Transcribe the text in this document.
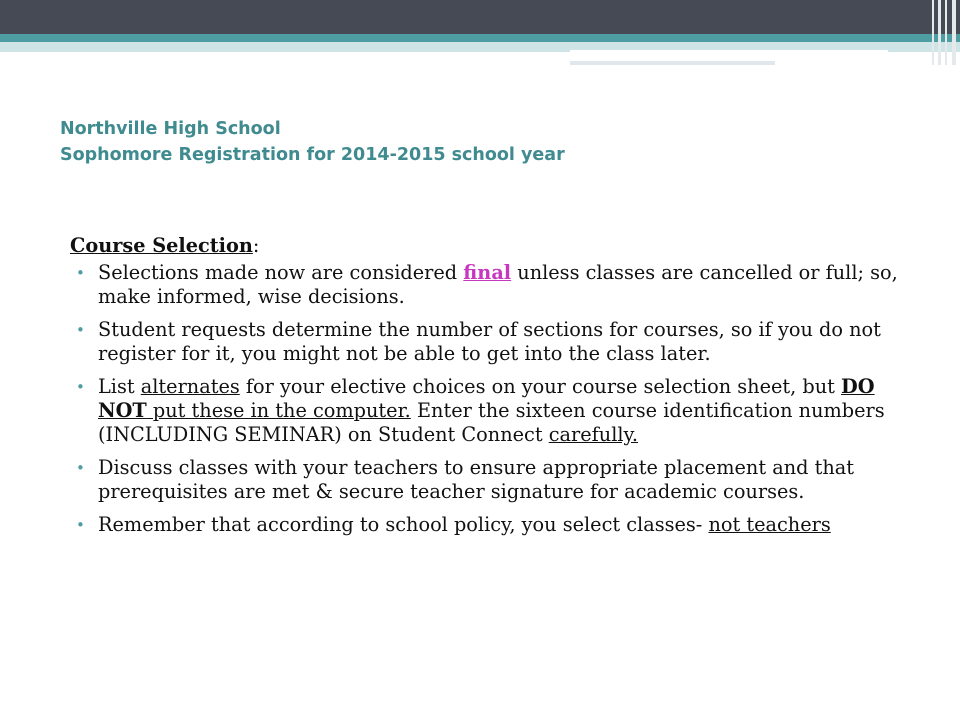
Northville High School
Sophomore Registration for 2014-2015 school year
Course Selection:
• Selections made now are considered final unless classes are cancelled or full; so, make informed, wise decisions.
• Student requests determine the number of sections for courses, so if you do not register for it, you might not be able to get into the class later.
• List alternates for your elective choices on your course selection sheet, but DO NOT put these in the computer. Enter the sixteen course identification numbers (INCLUDING SEMINAR) on Student Connect carefully.
• Discuss classes with your teachers to ensure appropriate placement and that prerequisites are met & secure teacher signature for academic courses.
• Remember that according to school policy, you select classes- not teachers
